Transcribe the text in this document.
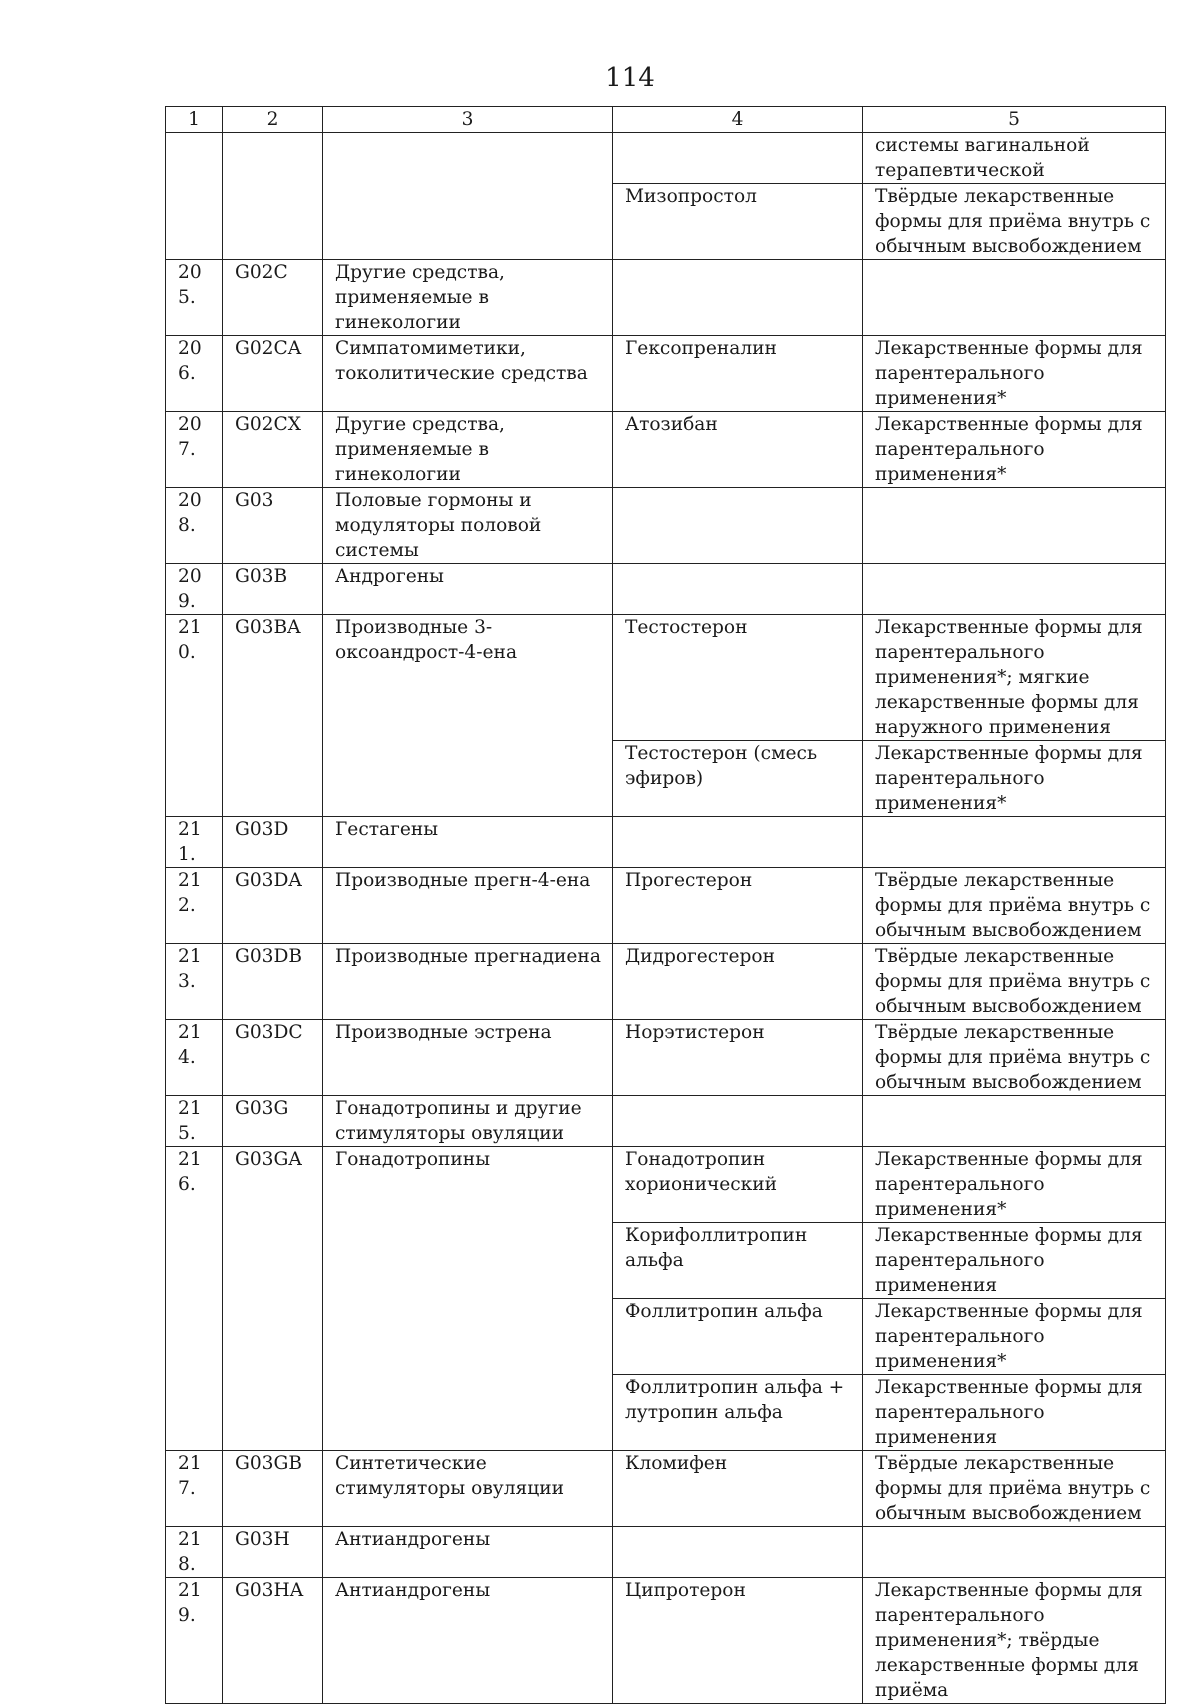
114
1	2	3	4	5
				системы вагинальной терапевтической
			Мизопростол	Твёрдые лекарственные формы для приёма внутрь с обычным высвобождением
205.	G02C	Другие средства, применяемые в гинекологии		
206.	G02CA	Симпатомиметики, токолитические средства	Гексопреналин	Лекарственные формы для парентерального применения*
207.	G02CX	Другие средства, применяемые в гинекологии	Атозибан	Лекарственные формы для парентерального применения*
208.	G03	Половые гормоны и модуляторы половой системы		
209.	G03B	Андрогены		
210.	G03BA	Производные 3-оксоандрост-4-ена	Тестостерон	Лекарственные формы для парентерального применения*; мягкие лекарственные формы для наружного применения
			Тестостерон (смесь эфиров)	Лекарственные формы для парентерального применения*
211.	G03D	Гестагены		
212.	G03DA	Производные прегн-4-ена	Прогестерон	Твёрдые лекарственные формы для приёма внутрь с обычным высвобождением
213.	G03DB	Производные прегнадиена	Дидрогестерон	Твёрдые лекарственные формы для приёма внутрь с обычным высвобождением
214.	G03DC	Производные эстрена	Норэтистерон	Твёрдые лекарственные формы для приёма внутрь с обычным высвобождением
215.	G03G	Гонадотропины и другие стимуляторы овуляции		
216.	G03GA	Гонадотропины	Гонадотропин хорионический	Лекарственные формы для парентерального применения*
			Корифоллитропин альфа	Лекарственные формы для парентерального применения
			Фоллитропин альфа	Лекарственные формы для парентерального применения*
			Фоллитропин альфа + лутропин альфа	Лекарственные формы для парентерального применения
217.	G03GB	Синтетические стимуляторы овуляции	Кломифен	Твёрдые лекарственные формы для приёма внутрь с обычным высвобождением
218.	G03H	Антиандрогены		
219.	G03HA	Антиандрогены	Ципротерон	Лекарственные формы для парентерального применения*; твёрдые лекарственные формы для приёма
